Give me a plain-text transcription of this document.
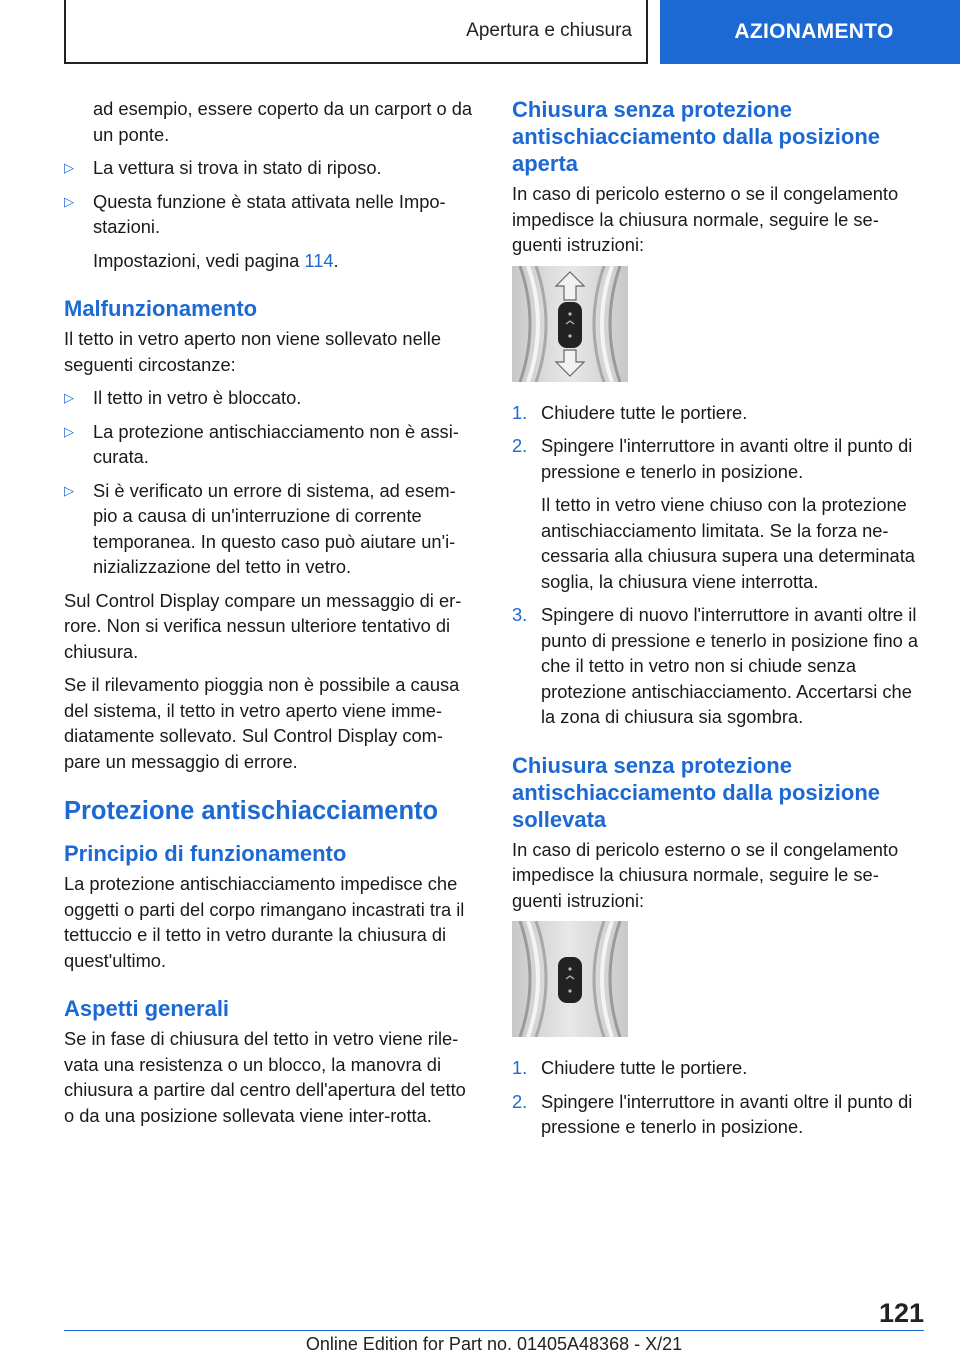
Apertura e chiusura	AZIONAMENTO

ad esempio, essere coperto da un carport o da un ponte.

▷ La vettura si trova in stato di riposo.
▷ Questa funzione è stata attivata nelle Impo-stazioni.

Impostazioni, vedi pagina 114.

Malfunzionamento

Il tetto in vetro aperto non viene sollevato nelle seguenti circostanze:

▷ Il tetto in vetro è bloccato.
▷ La protezione antischiacciamento non è assi-curata.
▷ Si è verificato un errore di sistema, ad esem-pio a causa di un'interruzione di corrente temporanea. In questo caso può aiutare un'i-nizializzazione del tetto in vetro.

Sul Control Display compare un messaggio di er-rore. Non si verifica nessun ulteriore tentativo di chiusura.

Se il rilevamento pioggia non è possibile a causa del sistema, il tetto in vetro aperto viene imme-diatamente sollevato. Sul Control Display com-pare un messaggio di errore.

Protezione antischiacciamento
Principio di funzionamento

La protezione antischiacciamento impedisce che oggetti o parti del corpo rimangano incastrati tra il tettuccio e il tetto in vetro durante la chiusura di quest'ultimo.

Aspetti generali

Se in fase di chiusura del tetto in vetro viene rile-vata una resistenza o un blocco, la manovra di chiusura a partire dal centro dell'apertura del tetto o da una posizione sollevata viene inter-rotta.

Chiusura senza protezione antischiacciamento dalla posizione aperta

In caso di pericolo esterno o se il congelamento impedisce la chiusura normale, seguire le se-guenti istruzioni:

1. Chiudere tutte le portiere.
2. Spingere l'interruttore in avanti oltre il punto di pressione e tenerlo in posizione.

Il tetto in vetro viene chiuso con la protezione antischiacciamento limitata. Se la forza ne-cessaria alla chiusura supera una determinata soglia, la chiusura viene interrotta.

3. Spingere di nuovo l'interruttore in avanti oltre il punto di pressione e tenerlo in posizione fino a che il tetto in vetro non si chiude senza protezione antischiacciamento. Accertarsi che la zona di chiusura sia sgombra.
Chiusura senza protezione antischiacciamento dalla posizione sollevata

In caso di pericolo esterno o se il congelamento impedisce la chiusura normale, seguire le se-guenti istruzioni:

1. Chiudere tutte le portiere.
2. Spingere l'interruttore in avanti oltre il punto di pressione e tenerlo in posizione.
121
Online Edition for Part no. 01405A48368 - X/21
